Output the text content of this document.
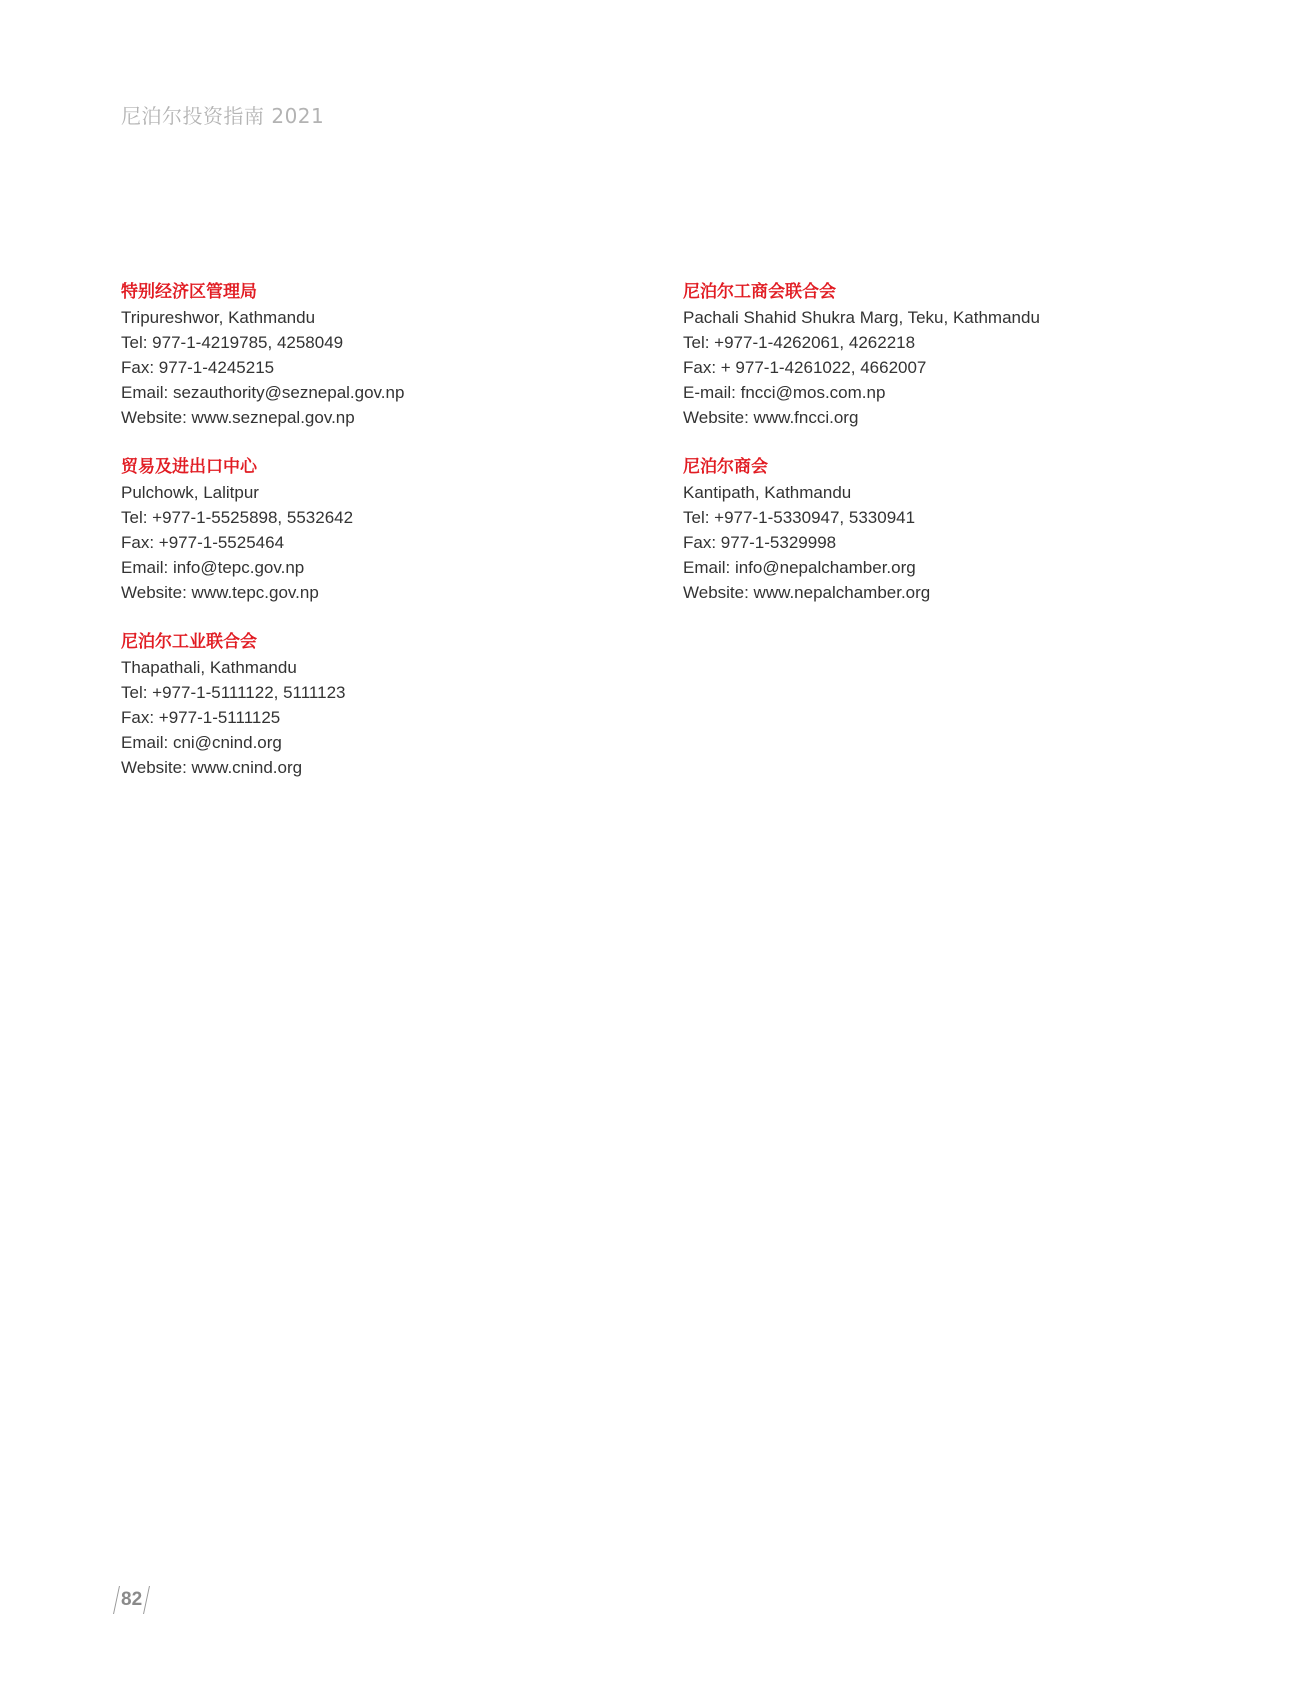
尼泊尔投资指南 2021
特别经济区管理局
Tripureshwor, Kathmandu
Tel: 977-1-4219785, 4258049
Fax: 977-1-4245215
Email: sezauthority@seznepal.gov.np
Website: www.seznepal.gov.np
贸易及进出口中心
Pulchowk, Lalitpur
Tel: +977-1-5525898, 5532642
Fax: +977-1-5525464
Email: info@tepc.gov.np
Website: www.tepc.gov.np
尼泊尔工业联合会
Thapathali, Kathmandu
Tel: +977-1-5111122, 5111123
Fax: +977-1-5111125
Email: cni@cnind.org
Website: www.cnind.org
尼泊尔工商会联合会
Pachali Shahid Shukra Marg, Teku, Kathmandu
Tel: +977-1-4262061, 4262218
Fax: + 977-1-4261022, 4662007
E-mail: fncci@mos.com.np
Website: www.fncci.org
尼泊尔商会
Kantipath, Kathmandu
Tel: +977-1-5330947, 5330941
Fax: 977-1-5329998
Email: info@nepalchamber.org
Website: www.nepalchamber.org
82
